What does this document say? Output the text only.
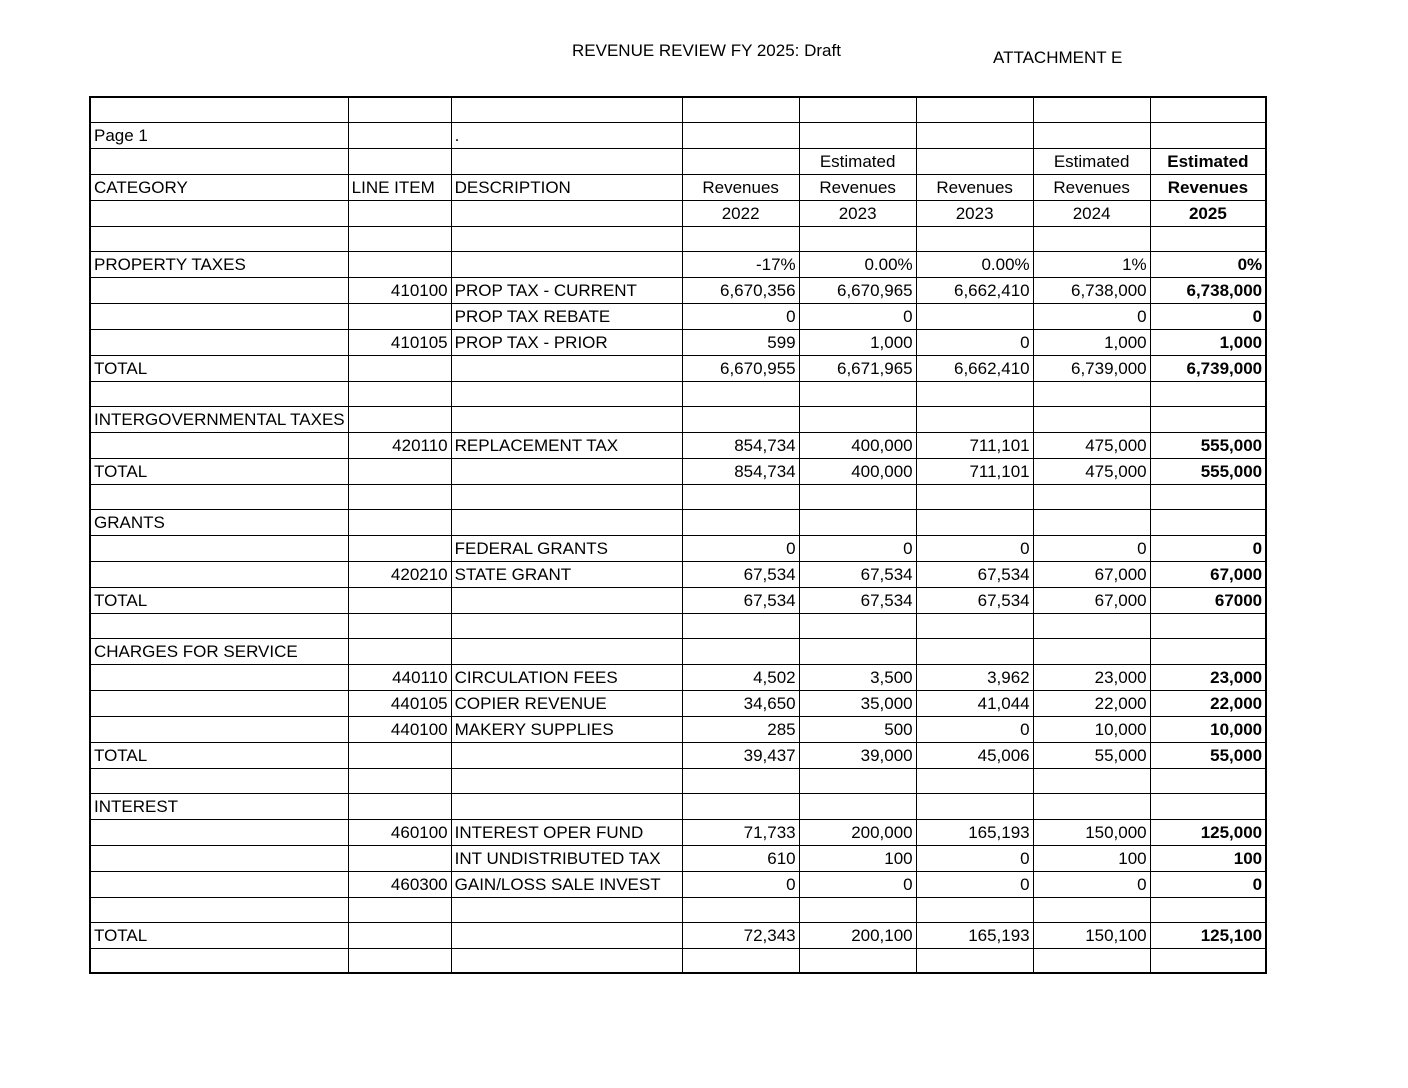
REVENUE REVIEW FY 2025: Draft	ATTACHMENT E

Page 1		.					
				Estimated		Estimated	Estimated
CATEGORY	LINE ITEM	DESCRIPTION	Revenues	Revenues	Revenues	Revenues	Revenues
			2022	2023	2023	2024	2025

PROPERTY TAXES			-17%	0.00%	0.00%	1%	0%
	410100	PROP TAX - CURRENT	6,670,356	6,670,965	6,662,410	6,738,000	6,738,000
		PROP TAX REBATE	0	0		0	0
	410105	PROP TAX - PRIOR	599	1,000	0	1,000	1,000
TOTAL			6,670,955	6,671,965	6,662,410	6,739,000	6,739,000

INTERGOVERNMENTAL TAXES							
	420110	REPLACEMENT TAX	854,734	400,000	711,101	475,000	555,000
TOTAL			854,734	400,000	711,101	475,000	555,000

GRANTS							
		FEDERAL GRANTS	0	0	0	0	0
	420210	STATE GRANT	67,534	67,534	67,534	67,000	67,000
TOTAL			67,534	67,534	67,534	67,000	67000

CHARGES FOR SERVICE							
	440110	CIRCULATION FEES	4,502	3,500	3,962	23,000	23,000
	440105	COPIER REVENUE	34,650	35,000	41,044	22,000	22,000
	440100	MAKERY SUPPLIES	285	500	0	10,000	10,000
TOTAL			39,437	39,000	45,006	55,000	55,000

INTEREST							
	460100	INTEREST OPER FUND	71,733	200,000	165,193	150,000	125,000
		INT UNDISTRIBUTED TAX	610	100	0	100	100
	460300	GAIN/LOSS SALE INVEST	0	0	0	0	0

TOTAL			72,343	200,100	165,193	150,100	125,100
